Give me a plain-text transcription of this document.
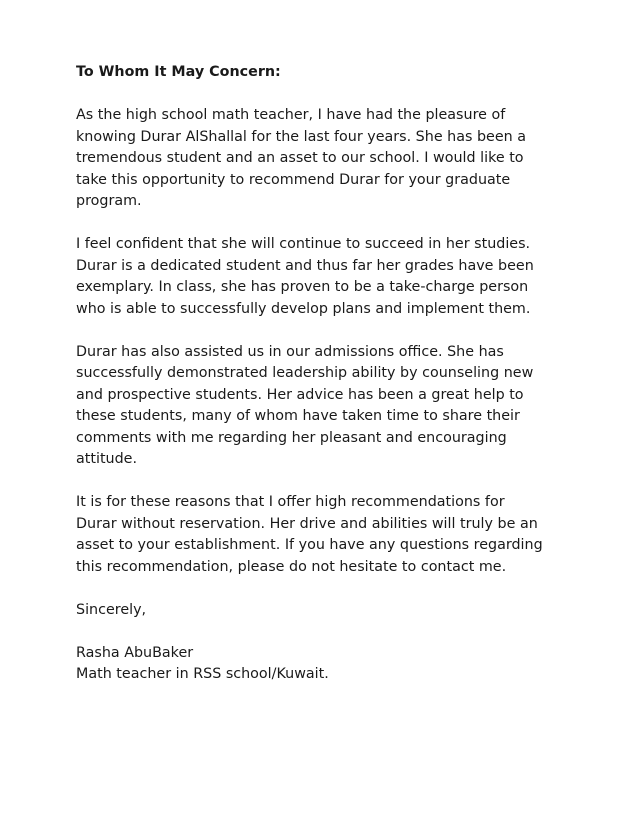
To Whom It May Concern:

As the high school math teacher, I have had the pleasure of
knowing Durar AlShallal for the last four years. She has been a
tremendous student and an asset to our school. I would like to
take this opportunity to recommend Durar for your graduate
program.

I feel confident that she will continue to succeed in her studies.
Durar is a dedicated student and thus far her grades have been
exemplary. In class, she has proven to be a take-charge person
who is able to successfully develop plans and implement them.

Durar has also assisted us in our admissions office. She has
successfully demonstrated leadership ability by counseling new
and prospective students. Her advice has been a great help to
these students, many of whom have taken time to share their
comments with me regarding her pleasant and encouraging
attitude.

It is for these reasons that I offer high recommendations for
Durar without reservation. Her drive and abilities will truly be an
asset to your establishment. If you have any questions regarding
this recommendation, please do not hesitate to contact me.

Sincerely,

Rasha AbuBaker

Math teacher in RSS school/Kuwait.
